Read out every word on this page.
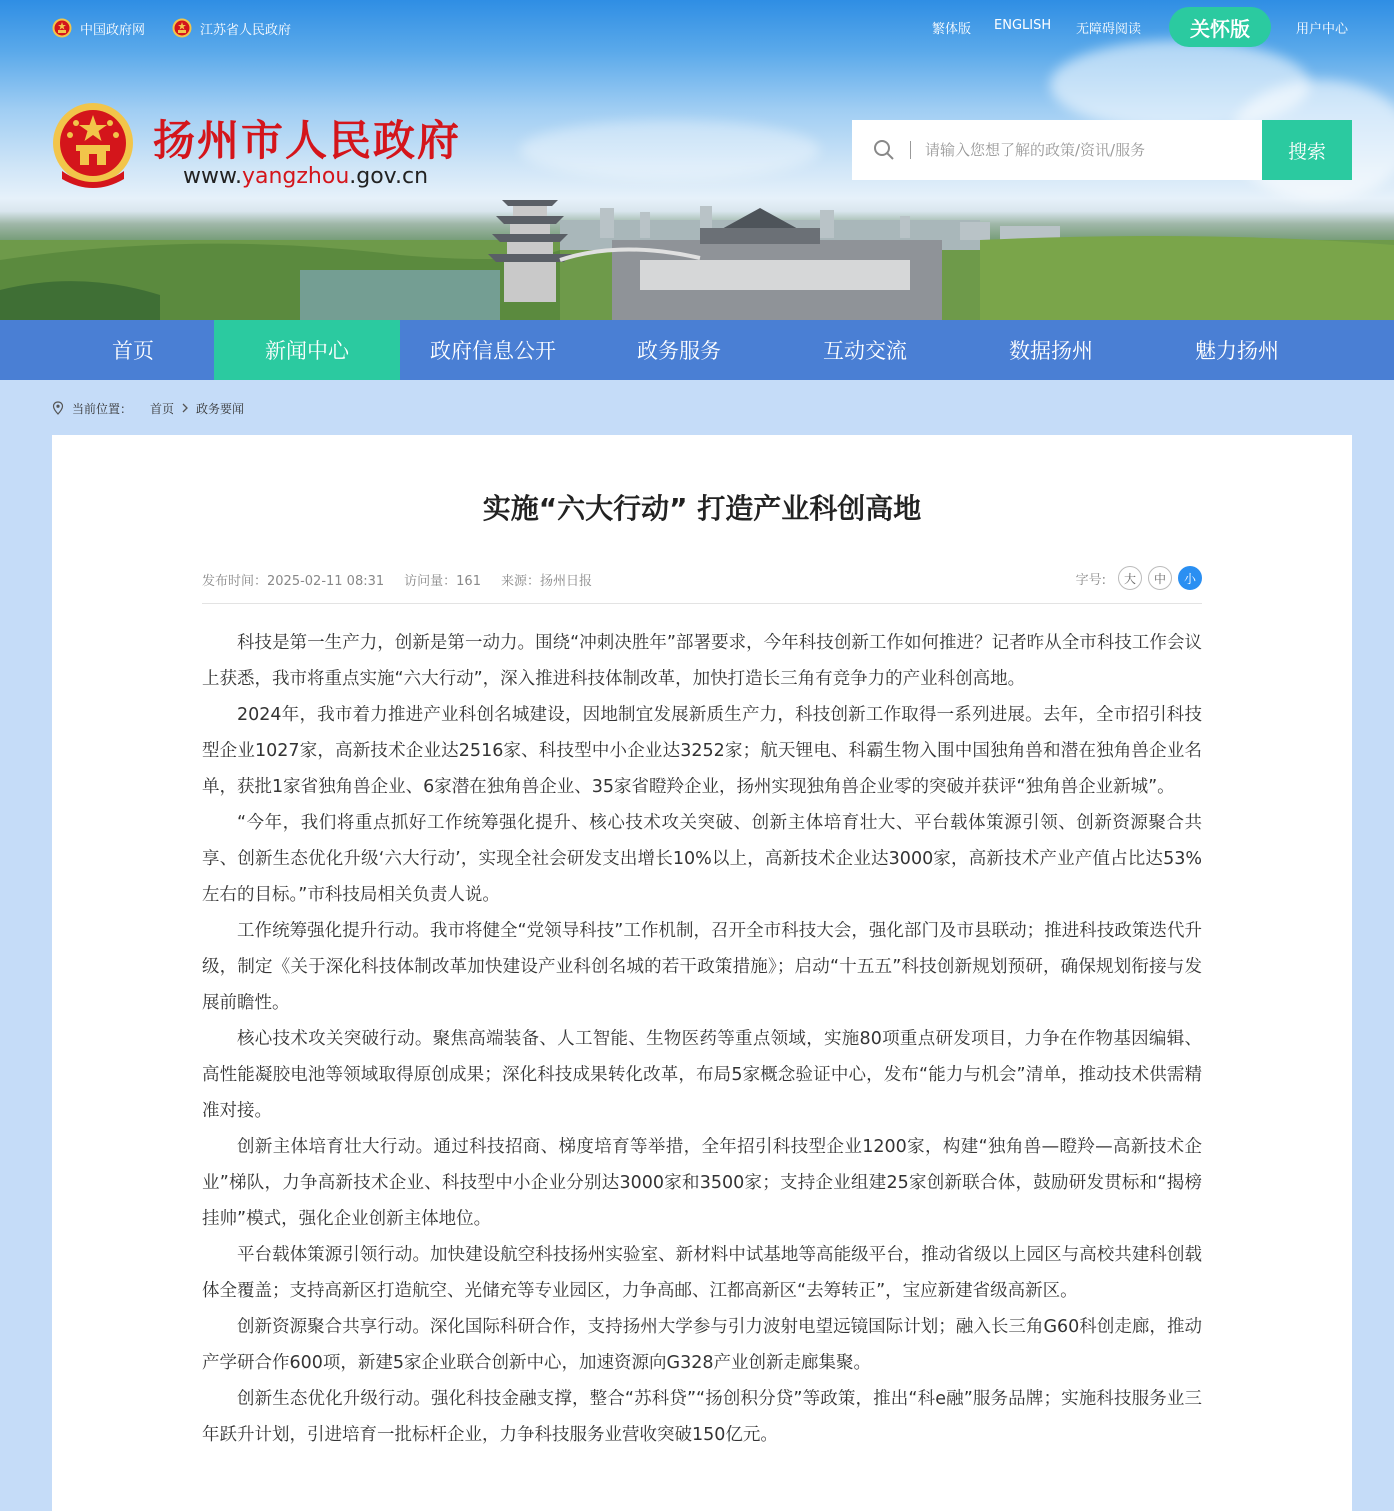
中国政府网	江苏省人民政府	繁体版 ENGLISH 无障碍阅读	关怀版	用户中心
扬州市人民政府
www.yangzhou.gov.cn
请输入您想了解的政策/资讯/服务
搜索
首页	新闻中心	政府信息公开	政务服务	互动交流	数据扬州	魅力扬州
当前位置： 首页 政务要闻
实施“六大行动” 打造产业科创高地
发布时间：2025-02-11 08:31 访问量：161 来源：扬州日报	字号:	大	中	小

科技是第一生产力，创新是第一动力。围绕“冲刺决胜年”部署要求，今年科技创新工作如何推进？记者昨从全市科技工作会议上获悉，我市将重点实施“六大行动”，深入推进科技体制改革，加快打造长三角有竞争力的产业科创高地。

2024年，我市着力推进产业科创名城建设，因地制宜发展新质生产力，科技创新工作取得一系列进展。去年，全市招引科技型企业1027家，高新技术企业达2516家、科技型中小企业达3252家；航天锂电、科霸生物入围中国独角兽和潜在独角兽企业名单，获批1家省独角兽企业、6家潜在独角兽企业、35家省瞪羚企业，扬州实现独角兽企业零的突破并获评“独角兽企业新城”。

“今年，我们将重点抓好工作统筹强化提升、核心技术攻关突破、创新主体培育壮大、平台载体策源引领、创新资源聚合共享、创新生态优化升级‘六大行动’，实现全社会研发支出增长10%以上，高新技术企业达3000家，高新技术产业产值占比达53%左右的目标。”市科技局相关负责人说。

工作统筹强化提升行动。我市将健全“党领导科技”工作机制，召开全市科技大会，强化部门及市县联动；推进科技政策迭代升级，制定《关于深化科技体制改革加快建设产业科创名城的若干政策措施》；启动“十五五”科技创新规划预研，确保规划衔接与发展前瞻性。

核心技术攻关突破行动。聚焦高端装备、人工智能、生物医药等重点领域，实施80项重点研发项目，力争在作物基因编辑、高性能凝胶电池等领域取得原创成果；深化科技成果转化改革，布局5家概念验证中心，发布“能力与机会”清单，推动技术供需精准对接。

创新主体培育壮大行动。通过科技招商、梯度培育等举措，全年招引科技型企业1200家，构建“独角兽—瞪羚—高新技术企业”梯队，力争高新技术企业、科技型中小企业分别达3000家和3500家；支持企业组建25家创新联合体，鼓励研发贯标和“揭榜挂帅”模式，强化企业创新主体地位。

平台载体策源引领行动。加快建设航空科技扬州实验室、新材料中试基地等高能级平台，推动省级以上园区与高校共建科创载体全覆盖；支持高新区打造航空、光储充等专业园区，力争高邮、江都高新区“去筹转正”，宝应新建省级高新区。

创新资源聚合共享行动。深化国际科研合作，支持扬州大学参与引力波射电望远镜国际计划；融入长三角G60科创走廊，推动产学研合作600项，新建5家企业联合创新中心，加速资源向G328产业创新走廊集聚。

创新生态优化升级行动。强化科技金融支撑，整合“苏科贷”“扬创积分贷”等政策，推出“科e融”服务品牌；实施科技服务业三年跃升计划，引进培育一批标杆企业，力争科技服务业营收突破150亿元。
